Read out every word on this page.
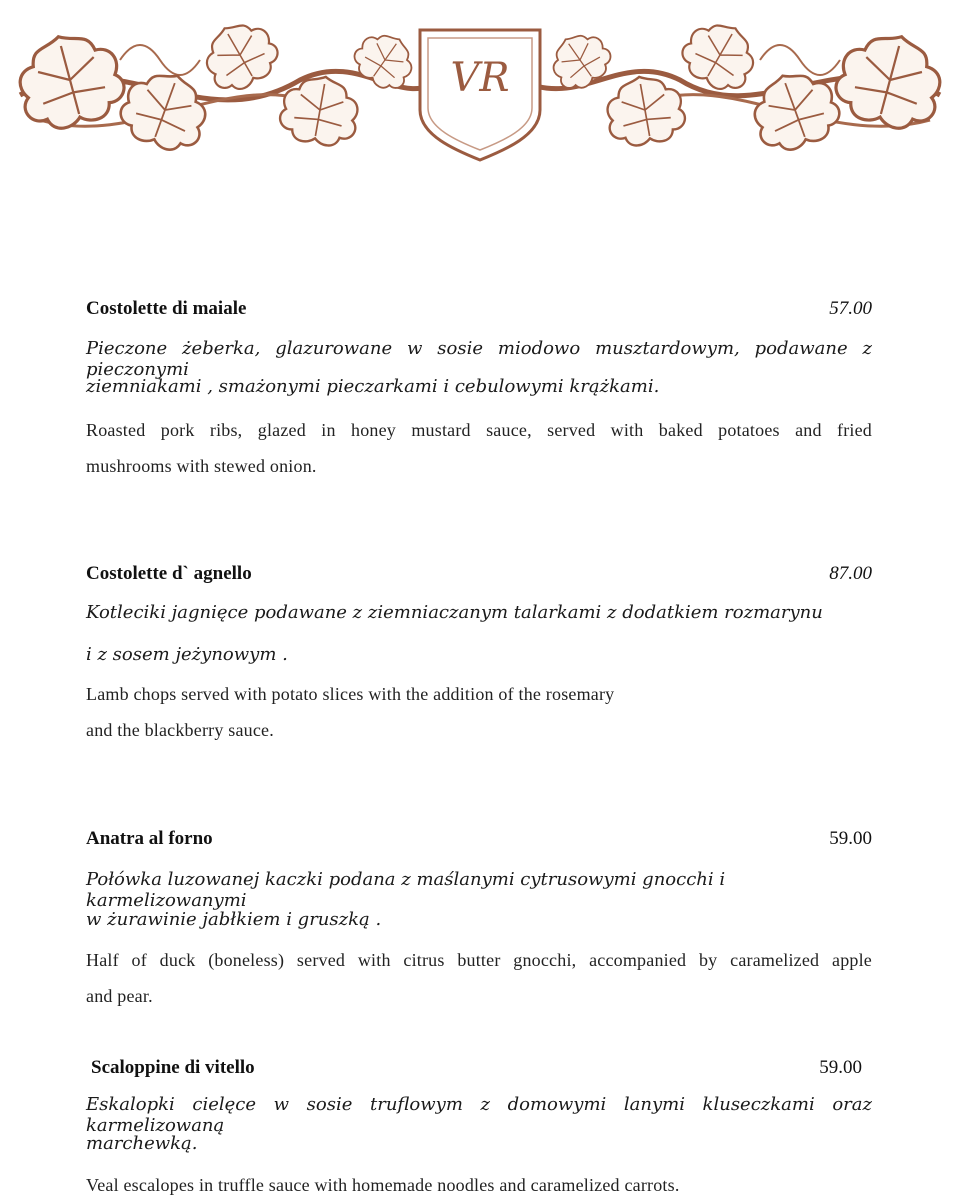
VR
Costolette di maiale	57.00
Pieczone żeberka, glazurowane w sosie miodowo musztardowym, podawane z pieczonymi
ziemniakami , smażonymi pieczarkami i cebulowymi krążkami.
Roasted pork ribs, glazed in honey mustard sauce, served with baked potatoes and fried
mushrooms with stewed onion.
Costolette d` agnello	87.00
Kotleciki jagnięce podawane z ziemniaczanym talarkami z dodatkiem rozmarynu
i z sosem jeżynowym .
Lamb chops served with potato slices with the addition of the rosemary
and the blackberry sauce.
Anatra al forno	59.00
Połówka luzowanej kaczki podana z maślanymi cytrusowymi gnocchi i karmelizowanymi
w żurawinie jabłkiem i gruszką .
Half of duck (boneless) served with citrus butter gnocchi, accompanied by caramelized apple
and pear.
Scaloppine di vitello	59.00
Eskalopki cielęce w sosie truflowym z domowymi lanymi kluseczkami oraz karmelizowaną
marchewką.
Veal escalopes in truffle sauce with homemade noodles and caramelized carrots.
